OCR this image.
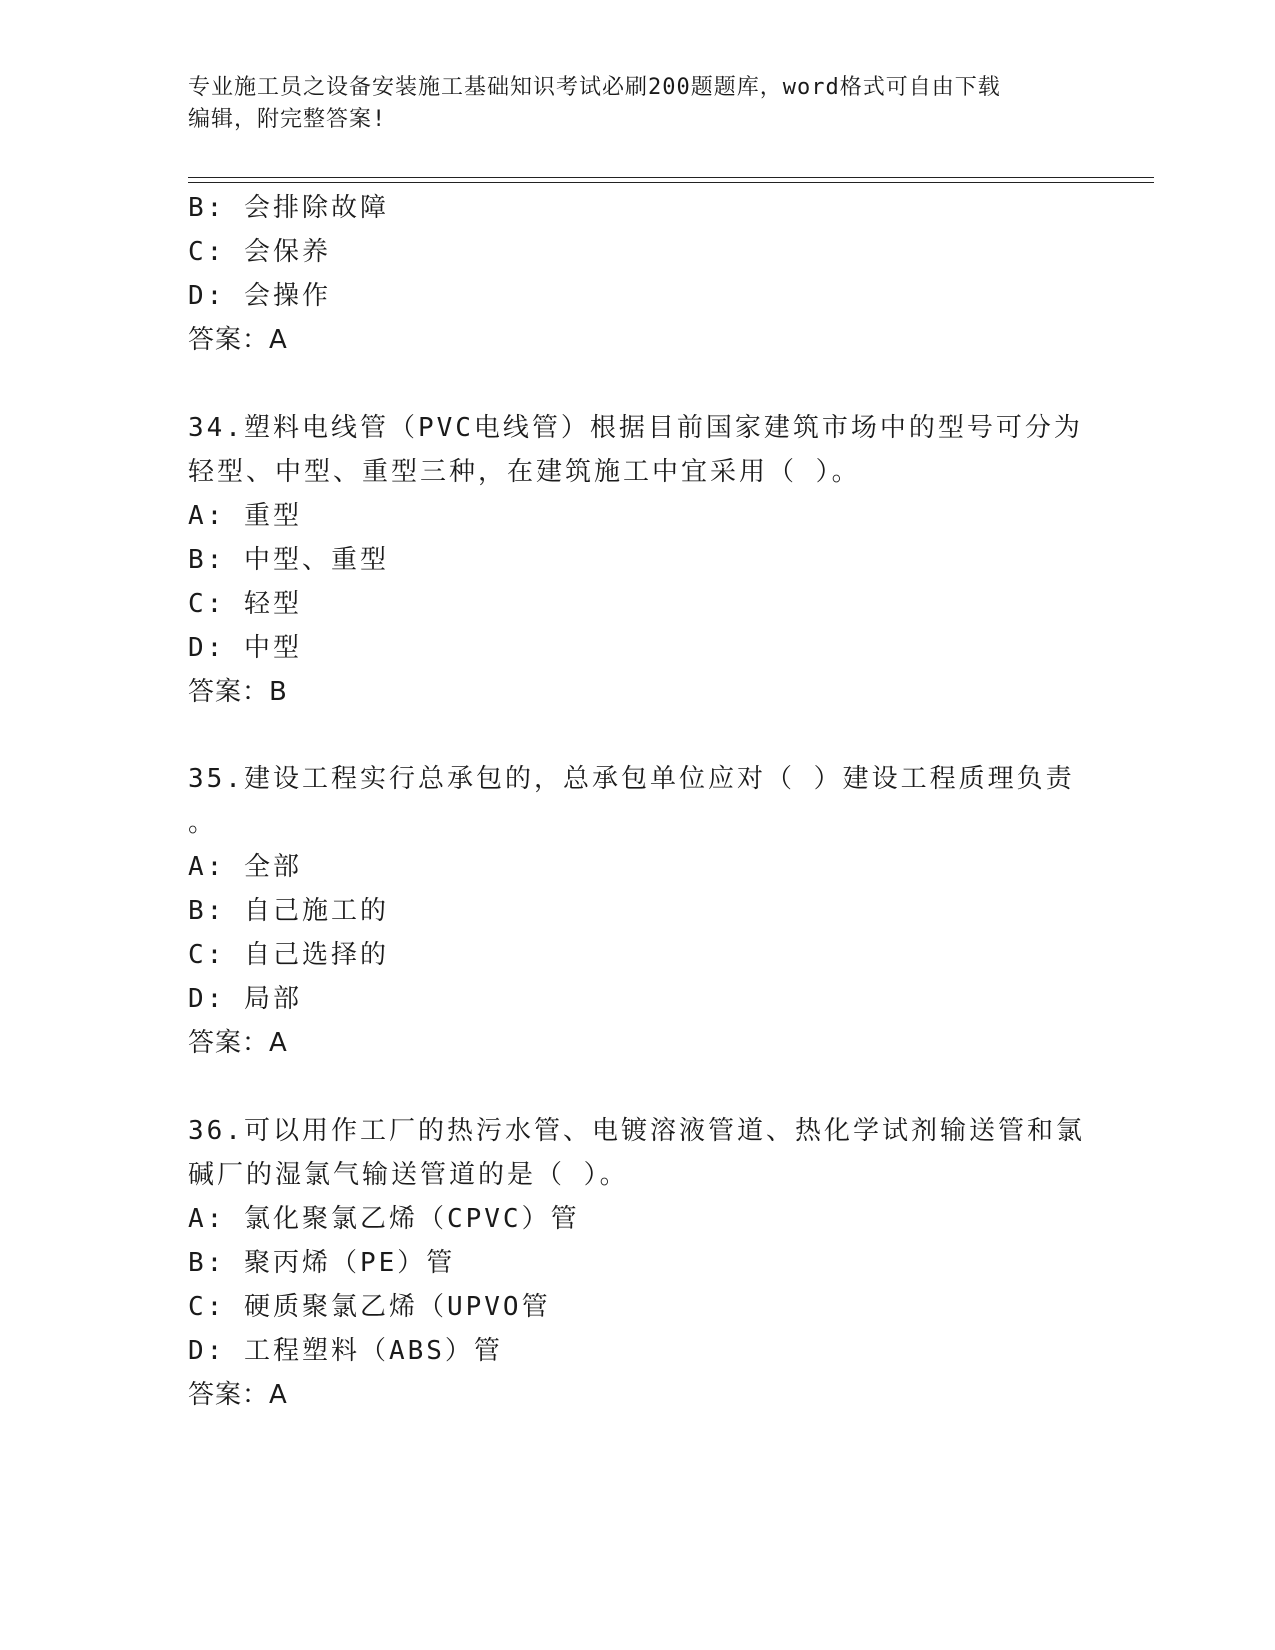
专业施工员之设备安装施工基础知识考试必刷200题题库，word格式可自由下载
编辑，附完整答案!
B: 会排除故障
C: 会保养
D: 会操作
答案：A
34.塑料电线管（PVC电线管）根据目前国家建筑市场中的型号可分为
轻型、中型、重型三种，在建筑施工中宜采用（ ）。
A: 重型
B: 中型、重型
C: 轻型
D: 中型
答案：B
35.建设工程实行总承包的，总承包单位应对（ ）建设工程质理负责
。
A: 全部
B: 自己施工的
C: 自己选择的
D: 局部
答案：A
36.可以用作工厂的热污水管、电镀溶液管道、热化学试剂输送管和氯
碱厂的湿氯气输送管道的是（ ）。
A: 氯化聚氯乙烯（CPVC）管
B: 聚丙烯（PE）管
C: 硬质聚氯乙烯（UPVO管
D: 工程塑料（ABS）管
答案：A
